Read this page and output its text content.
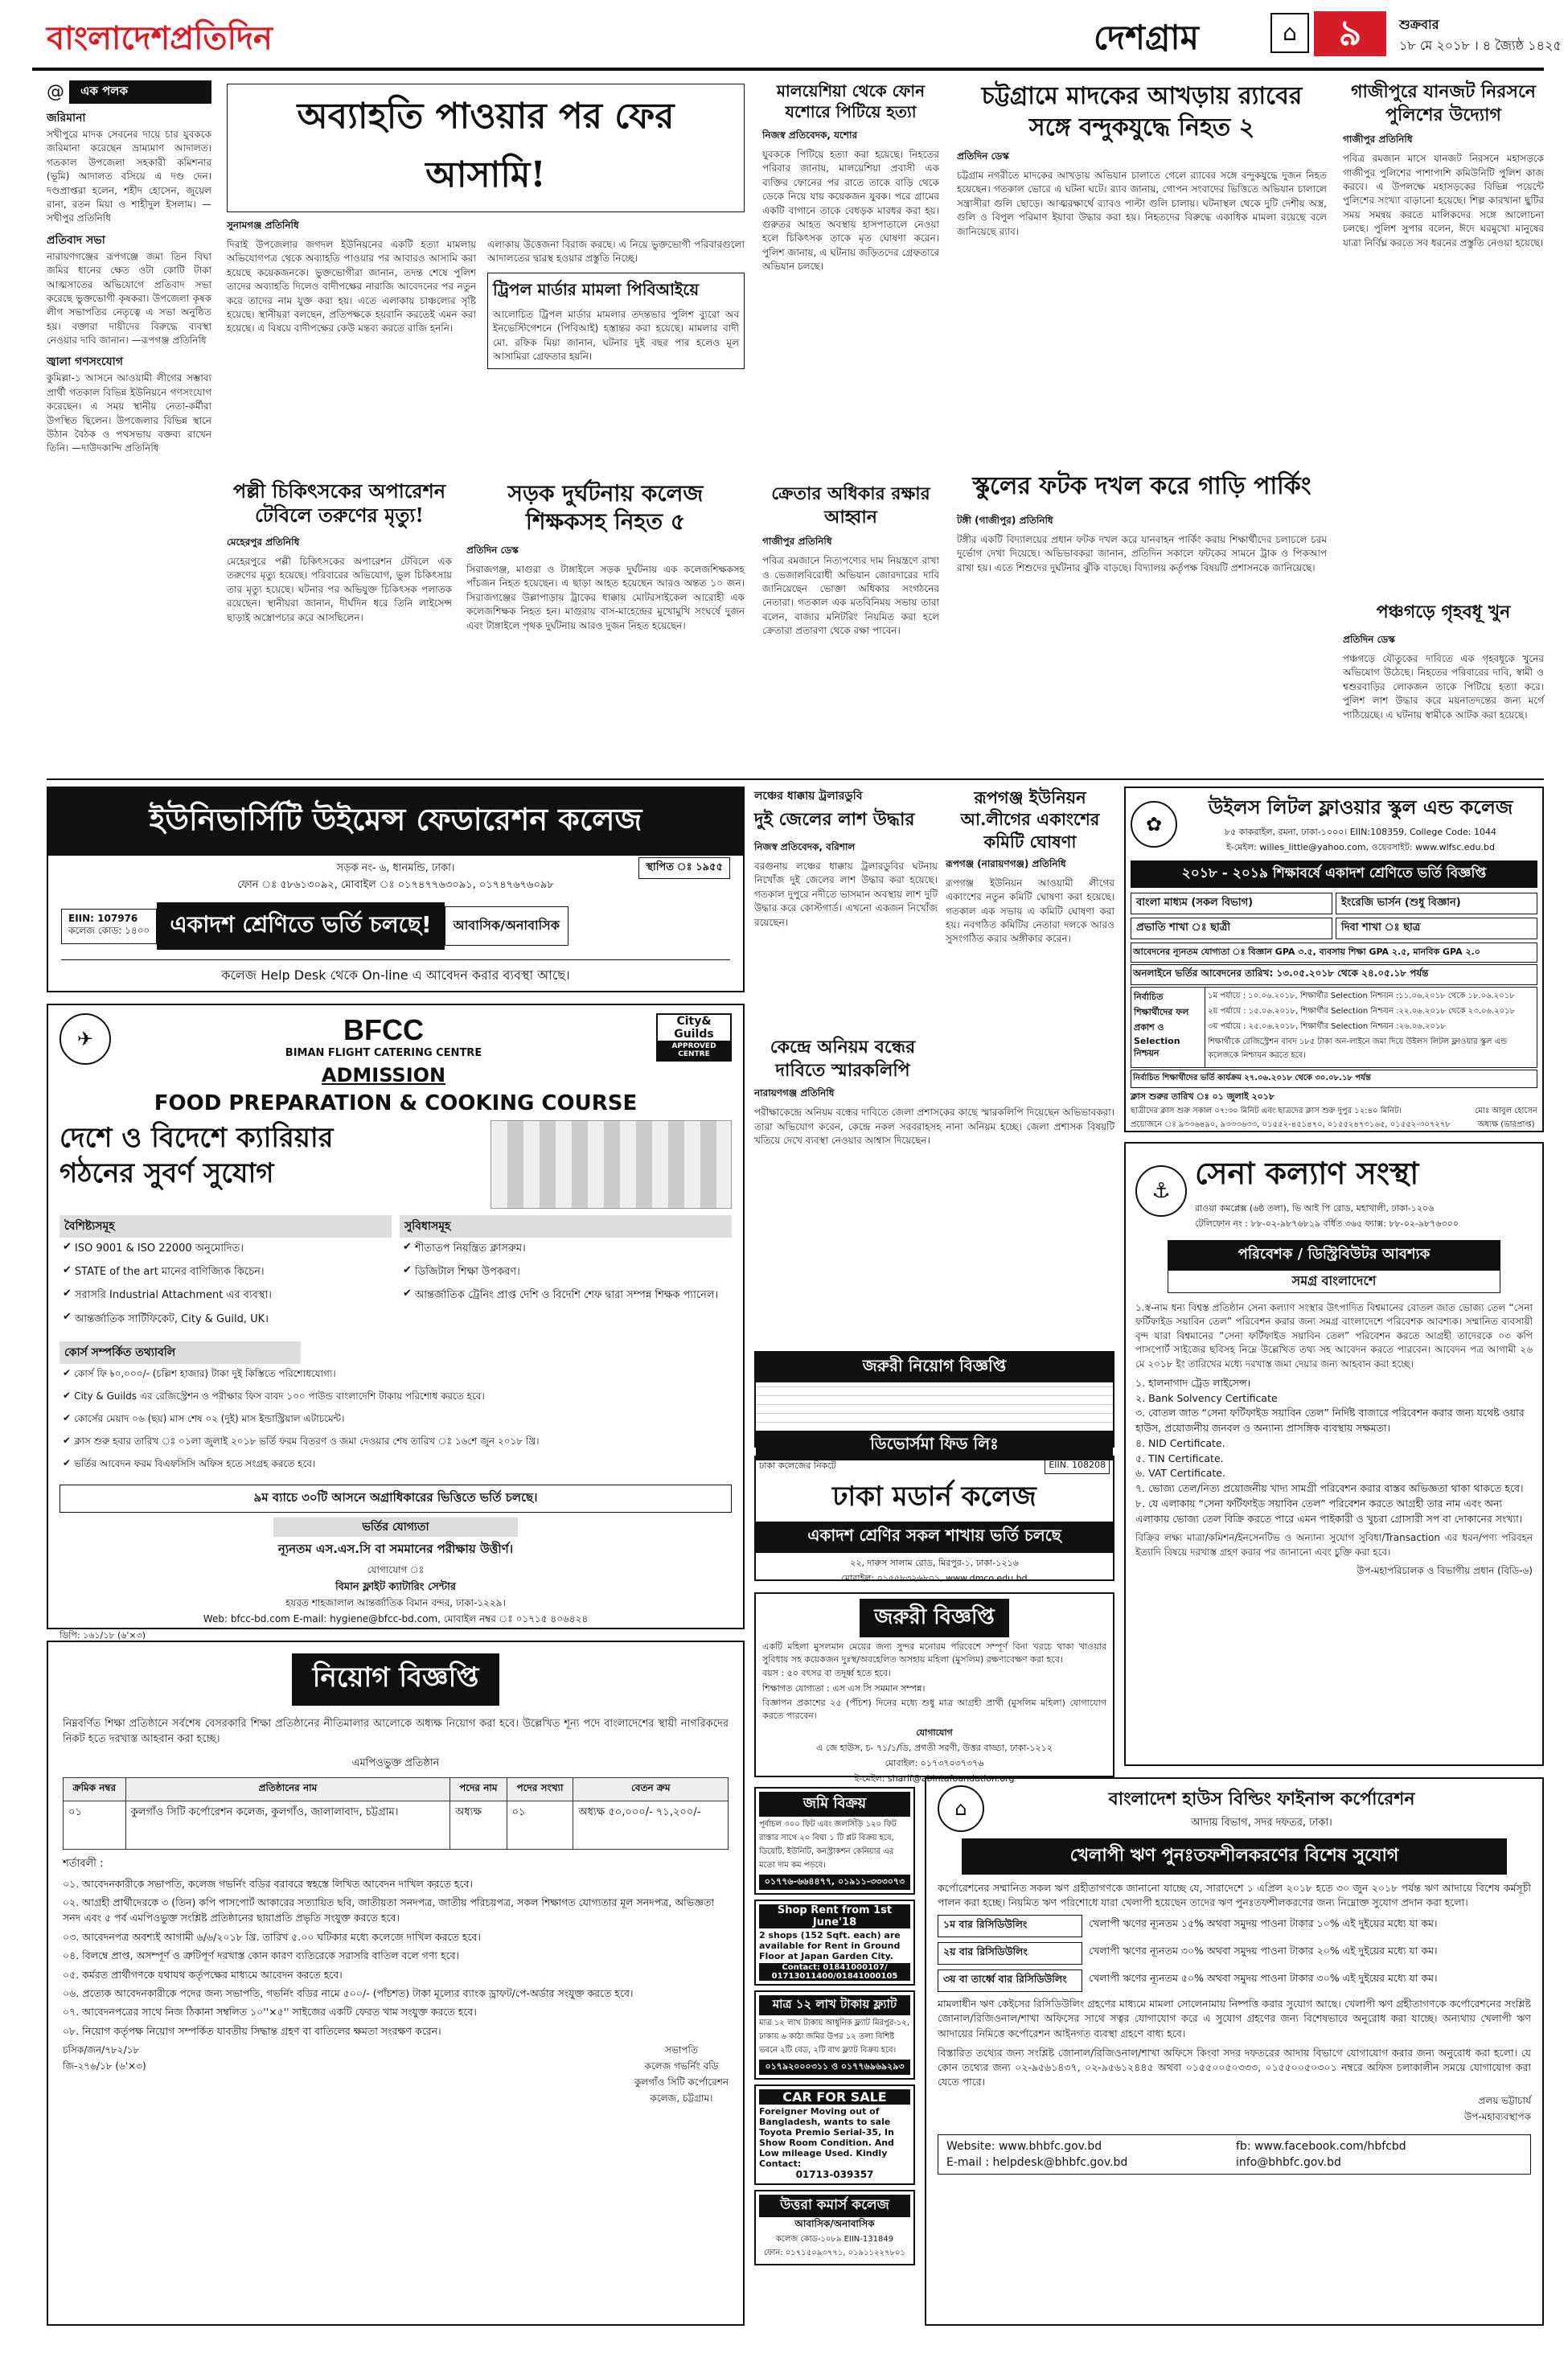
বাংলাদেশপ্রতিদিন	দেশগ্রাম	⌂	৯	শুক্রবার
১৮ মে ২০১৮ । ৪ জ্যৈষ্ঠ ১৪২৫
@	এক পলক
জরিমানা
সখীপুরে মাদক সেবনের দায়ে চার যুবককে জরিমানা করেছেন ভ্রাম্যমাণ আদালত। গতকাল উপজেলা সহকারী কমিশনার (ভূমি) আদালত বসিয়ে এ দণ্ড দেন। দণ্ডপ্রাপ্তরা হলেন, শহীদ হোসেন, জুয়েল রানা, রতন মিয়া ও শাহীদুল ইসলাম। —সখীপুর প্রতিনিধি
প্রতিবাদ সভা
নারায়ণগঞ্জের রূপগঞ্জে জমা তিন বিঘা জমির ধানের ক্ষেত ওটা কোটি টাকা আত্মসাতের অভিযোগে প্রতিবাদ সভা করেছে ভুক্তভোগী কৃষকরা। উপজেলা কৃষক লীগ সভাপতির নেতৃত্বে এ সভা অনুষ্ঠিত হয়। বক্তারা দায়ীদের বিরুদ্ধে ব্যবস্থা নেওয়ার দাবি জানান। —রূপগঞ্জ প্রতিনিধি
জ্বালা গণসংযোগ
কুমিল্লা-১ আসনে আওয়ামী লীগের সম্ভাব্য প্রার্থী গতকাল বিভিন্ন ইউনিয়নে গণসংযোগ করেছেন। এ সময় স্থানীয় নেতা-কর্মীরা উপস্থিত ছিলেন। উপজেলার বিভিন্ন স্থানে উঠান বৈঠক ও পথসভায় বক্তব্য রাখেন তিনি। —দাউদকান্দি প্রতিনিধি
অব্যাহতি পাওয়ার পর ফের আসামি!
সুনামগঞ্জ প্রতিনিধি
দিরাই উপজেলার জগদল ইউনিয়নের একটি হত্যা মামলায় অভিযোগপত্র থেকে অব্যাহতি পাওয়ার পর আবারও আসামি করা হয়েছে কয়েকজনকে। ভুক্তভোগীরা জানান, তদন্ত শেষে পুলিশ তাদের অব্যাহতি দিলেও বাদীপক্ষের নারাজি আবেদনের পর নতুন করে তাদের নাম যুক্ত করা হয়। এতে এলাকায় চাঞ্চল্যের সৃষ্টি হয়েছে। স্থানীয়রা বলছেন, প্রতিপক্ষকে হয়রানি করতেই এমন করা হয়েছে। এ বিষয়ে বাদীপক্ষের কেউ মন্তব্য করতে রাজি হননি।
এলাকায় উত্তেজনা বিরাজ করছে। এ নিয়ে ভুক্তভোগী পরিবারগুলো আদালতের দ্বারস্থ হওয়ার প্রস্তুতি নিচ্ছে।
ট্রিপল মার্ডার মামলা পিবিআইয়ে
আলোচিত ট্রিপল মার্ডার মামলার তদন্তভার পুলিশ ব্যুরো অব ইনভেস্টিগেশনে (পিবিআই) হস্তান্তর করা হয়েছে। মামলার বাদী মো. রফিক মিয়া জানান, ঘটনার দুই বছর পার হলেও মূল আসামিরা গ্রেফতার হয়নি।
পল্লী চিকিৎসকের অপারেশন টেবিলে তরুণের মৃত্যু!
মেহেরপুর প্রতিনিধি
মেহেরপুরে পল্লী চিকিৎসকের অপারেশন টেবিলে এক তরুণের মৃত্যু হয়েছে। পরিবারের অভিযোগ, ভুল চিকিৎসায় তার মৃত্যু হয়েছে। ঘটনার পর অভিযুক্ত চিকিৎসক পলাতক রয়েছেন। স্থানীয়রা জানান, দীর্ঘদিন ধরে তিনি লাইসেন্স ছাড়াই অস্ত্রোপচার করে আসছিলেন।
সড়ক দুর্ঘটনায় কলেজ শিক্ষকসহ নিহত ৫
প্রতিদিন ডেস্ক
সিরাজগঞ্জ, মাগুরা ও টাঙ্গাইলে সড়ক দুর্ঘটনায় এক কলেজশিক্ষকসহ পাঁচজন নিহত হয়েছেন। এ ছাড়া আহত হয়েছেন আরও অন্তত ১০ জন। সিরাজগঞ্জের উল্লাপাড়ায় ট্রাকের ধাক্কায় মোটরসাইকেল আরোহী এক কলেজশিক্ষক নিহত হন। মাগুরায় বাস-মাহেন্দ্রের মুখোমুখি সংঘর্ষে দুজন এবং টাঙ্গাইলে পৃথক দুর্ঘটনায় আরও দুজন নিহত হয়েছেন।
মালয়েশিয়া থেকে ফোন যশোরে পিটিয়ে হত্যা
নিজস্ব প্রতিবেদক, যশোর
যুবককে পিটিয়ে হত্যা করা হয়েছে। নিহতের পরিবার জানায়, মালয়েশিয়া প্রবাসী এক ব্যক্তির ফোনের পর রাতে তাকে বাড়ি থেকে ডেকে নিয়ে যায় কয়েকজন যুবক। পরে গ্রামের একটি বাগানে তাকে বেধড়ক মারধর করা হয়। গুরুতর আহত অবস্থায় হাসপাতালে নেওয়া হলে চিকিৎসক তাকে মৃত ঘোষণা করেন। পুলিশ জানায়, এ ঘটনায় জড়িতদের গ্রেফতারে অভিযান চলছে।
ক্রেতার অধিকার রক্ষার আহ্বান
গাজীপুর প্রতিনিধি
পবিত্র রমজানে নিত্যপণ্যের দাম নিয়ন্ত্রণে রাখা ও ভেজালবিরোধী অভিযান জোরদারের দাবি জানিয়েছেন ভোক্তা অধিকার সংগঠনের নেতারা। গতকাল এক মতবিনিময় সভায় তারা বলেন, বাজার মনিটরিং নিয়মিত করা হলে ক্রেতারা প্রতারণা থেকে রক্ষা পাবেন।
চট্টগ্রামে মাদকের আখড়ায় র‌্যাবের সঙ্গে বন্দুকযুদ্ধে নিহত ২
প্রতিদিন ডেস্ক
চট্টগ্রাম নগরীতে মাদকের আখড়ায় অভিযান চালাতে গেলে র‌্যাবের সঙ্গে বন্দুকযুদ্ধে দুজন নিহত হয়েছেন। গতকাল ভোরে এ ঘটনা ঘটে। র‌্যাব জানায়, গোপন সংবাদের ভিত্তিতে অভিযান চালালে সন্ত্রাসীরা গুলি ছোড়ে। আত্মরক্ষার্থে র‌্যাবও পাল্টা গুলি চালায়। ঘটনাস্থল থেকে দুটি দেশীয় অস্ত্র, গুলি ও বিপুল পরিমাণ ইয়াবা উদ্ধার করা হয়। নিহতদের বিরুদ্ধে একাধিক মামলা রয়েছে বলে জানিয়েছে র‌্যাব।
স্কুলের ফটক দখল করে গাড়ি পার্কিং
টঙ্গী (গাজীপুর) প্রতিনিধি
টঙ্গীর একটি বিদ্যালয়ের প্রধান ফটক দখল করে যানবাহন পার্কিং করায় শিক্ষার্থীদের চলাচলে চরম দুর্ভোগ দেখা দিয়েছে। অভিভাবকরা জানান, প্রতিদিন সকালে ফটকের সামনে ট্রাক ও পিকআপ রাখা হয়। এতে শিশুদের দুর্ঘটনার ঝুঁকি বাড়ছে। বিদ্যালয় কর্তৃপক্ষ বিষয়টি প্রশাসনকে জানিয়েছে।
গাজীপুরে যানজট নিরসনে পুলিশের উদ্যোগ
গাজীপুর প্রতিনিধি
পবিত্র রমজান মাসে যানজট নিরসনে মহাসড়কে গাজীপুর পুলিশের পাশাপাশি কমিউনিটি পুলিশ কাজ করবে। এ উপলক্ষে মহাসড়কের বিভিন্ন পয়েন্টে পুলিশের সংখ্যা বাড়ানো হয়েছে। শিল্প কারখানা ছুটির সময় সমন্বয় করতে মালিকদের সঙ্গে আলোচনা চলছে। পুলিশ সুপার বলেন, ঈদে ঘরমুখো মানুষের যাত্রা নির্বিঘ্ন করতে সব ধরনের প্রস্তুতি নেওয়া হয়েছে।
পঞ্চগড়ে গৃহবধূ খুন
প্রতিদিন ডেস্ক
পঞ্চগড়ে যৌতুকের দাবিতে এক গৃহবধূকে খুনের অভিযোগ উঠেছে। নিহতের পরিবারের দাবি, স্বামী ও শ্বশুরবাড়ির লোকজন তাকে পিটিয়ে হত্যা করে। পুলিশ লাশ উদ্ধার করে ময়নাতদন্তের জন্য মর্গে পাঠিয়েছে। এ ঘটনায় স্বামীকে আটক করা হয়েছে।
ইউনিভার্সিটি উইমেন্স ফেডারেশন কলেজ
সড়ক নং- ৬, ধানমন্ডি, ঢাকা।
ফোন ঃ ৫৮৬১৩০৯২, মোবাইল ঃ ০১৭৪৭৭৬৩০৯১, ০১৭৪৭৬৭৬০৯৮
স্থাপিত ঃ ১৯৫৫
EIIN: 107976
কলেজ কোড: ১৪০০ একাদশ শ্রেণিতে ভর্তি চলছে!	আবাসিক/অনাবাসিক
কলেজ Help Desk থেকে On-line এ আবেদন করার ব্যবস্থা আছে।
✈	BFCC
BIMAN FLIGHT CATERING CENTRE
ADMISSION
City&
Guilds
APPROVED CENTRE
FOOD PREPARATION & COOKING COURSE
দেশে ও বিদেশে ক্যারিয়ার
গঠনের সুবর্ণ সুযোগ
বৈশিষ্ট্যসমূহ
✔ ISO 9001 & ISO 22000 অনুমোদিত।
✔ STATE of the art মানের বাণিজ্যিক কিচেন।
✔ সরাসরি Industrial Attachment এর ব্যবস্থা।
✔ আন্তর্জাতিক সার্টিফিকেট, City & Guild, UK।
সুবিধাসমূহ
✔ শীতাতপ নিয়ন্ত্রিত ক্লাসরুম।
✔ ডিজিটাল শিক্ষা উপকরণ।
✔ আন্তর্জাতিক ট্রেনিং প্রাপ্ত দেশি ও বিদেশি শেফ দ্বারা সম্পন্ন শিক্ষক প্যানেল।
কোর্স সম্পর্কিত তথ্যাবলি
✔ কোর্স ফি ৳০,০০০/- (চল্লিশ হাজার) টাকা দুই কিস্তিতে পরিশোধযোগ্য।
✔ City & Guilds এর রেজিস্ট্রেশন ও পরীক্ষার ফিস বাবদ ১০০ পাউন্ড বাংলাদেশি টাকায় পরিশোধ করতে হবে।
✔ কোর্সের মেয়াদ ০৬ (ছয়) মাস শেষ ০২ (দুই) মাস ইন্ডাস্ট্রিয়াল এটাচমেন্ট।
✔ ক্লাস শুরু হবার তারিখ ঃ ০১লা জুলাই ২০১৮ ভর্তি ফরম বিতরণ ও জমা দেওয়ার শেষ তারিখ ঃ ১৬শে জুন ২০১৮ খ্রি।
✔ ভর্তির আবেদন ফরম বিএফসিসি অফিস হতে সংগ্রহ করতে হবে।
৯ম ব্যাচে ৩০টি আসনে অগ্রাধিকারের ভিত্তিতে ভর্তি চলছে।
ভর্তির যোগ্যতা
ন্যূনতম এস.এস.সি বা সমমানের পরীক্ষায় উত্তীর্ণ।
যোগাযোগ ঃ
বিমান ফ্লাইট ক্যাটারিং সেন্টার
হযরত শাহজালাল আন্তর্জাতিক বিমান বন্দর, ঢাকা-১২২৯।
Web: bfcc-bd.com E-mail: hygiene@bfcc-bd.com, মোবাইল নম্বর ঃ ০১৭১৫ ৪০৬৪২৪
ডিপি: ১৬১/১৮ (৬'×৩)
নিয়োগ বিজ্ঞপ্তি
নিম্নবর্ণিত শিক্ষা প্রতিষ্ঠানে সর্বশেষ বেসরকারি শিক্ষা প্রতিষ্ঠানের নীতিমালার আলোকে অধ্যক্ষ নিয়োগ করা হবে। উল্লেখিত শূন্য পদে বাংলাদেশের স্থায়ী নাগরিকদের নিকট হতে দরখাস্ত আহবান করা হচ্ছে।
এমপিওভুক্ত প্রতিষ্ঠান
ক্রমিক নম্বর	প্রতিষ্ঠানের নাম	পদের নাম	পদের সংখ্যা	বেতন ক্রম
০১	কুলগাঁও সিটি কর্পোরেশন কলেজ, কুলগাঁও, জালালাবাদ, চট্টগ্রাম।	অধ্যক্ষ	০১	অধ্যক্ষ ৫০,০০০/- ৭১,২০০/-
শর্তাবলী :
০১. আবেদনকারীকে সভাপতি, কলেজ গভর্নিং বডির বরাবরে স্বহস্তে লিখিত আবেদন দাখিল করতে হবে।
০২. আগ্রহী প্রার্থীদেরকে ৩ (তিন) কপি পাসপোর্ট আকারের সত্যায়িত ছবি, জাতীয়তা সনদপত্র, জাতীয় পরিচয়পত্র, সকল শিক্ষাগত যোগ্যতার মূল সনদপত্র, অভিজ্ঞতা সনদ এবং ৫ পর্ব এমপিওভুক্ত সংশ্লিষ্ট প্রতিষ্ঠানের ছায়াপ্রতি প্রভৃতি সংযুক্ত করতে হবে।
০৩. আবেদনপত্র অবশ্যই আগামী ৬/৬/২০১৮ খ্রি. তারিখ ৫.০০ ঘটিকার মধ্যে কলেজে দাখিল করতে হবে।
০৪. বিলম্বে প্রাপ্ত, অসম্পূর্ণ ও ত্রুটিপূর্ণ দরখাস্ত কোন কারণ ব্যতিরেকে সরাসরি বাতিল বলে গণ্য হবে।
০৫. কর্মরত প্রার্থীগণকে যথাযথ কর্তৃপক্ষের মাধ্যমে আবেদন করতে হবে।
০৬. প্রত্যেক আবেদনকারীকে পদের জন্য সভাপতি, গভর্নিং বডির নামে ৫০০/- (পাঁচশত) টাকা মূল্যের ব্যাংক ড্রাফট/পে-অর্ডার সংযুক্ত করতে হবে।
০৭. আবেদনপত্রের সাথে নিজ ঠিকানা সম্বলিত ১০''×৫'' সাইজের একটি ফেরত খাম সংযুক্ত করতে হবে।
০৮. নিয়োগ কর্তৃপক্ষ নিয়োগ সম্পর্কিত যাবতীয় সিদ্ধান্ত গ্রহণ বা বাতিলের ক্ষমতা সংরক্ষণ করেন।
চসিক/জন/৭৮২/১৮
জি-২৭৬/১৮ (৬'×৩)
সভাপতি
কলেজ গভর্নিং বডি
কুলগাঁও সিটি কর্পোরেশন
কলেজ, চট্টগ্রাম।
লঞ্চের ধাক্কায় ট্রলারডুবি
দুই জেলের লাশ উদ্ধার
নিজস্ব প্রতিবেদক, বরিশাল
বরগুনায় লঞ্চের ধাক্কায় ট্রলারডুবির ঘটনায় নিখোঁজ দুই জেলের লাশ উদ্ধার করা হয়েছে। গতকাল দুপুরে নদীতে ভাসমান অবস্থায় লাশ দুটি উদ্ধার করে কোস্টগার্ড। এখনো একজন নিখোঁজ রয়েছেন।
রূপগঞ্জ ইউনিয়ন আ.লীগের একাংশের কমিটি ঘোষণা
রূপগঞ্জ (নারায়ণগঞ্জ) প্রতিনিধি
রূপগঞ্জ ইউনিয়ন আওয়ামী লীগের একাংশের নতুন কমিটি ঘোষণা করা হয়েছে। গতকাল এক সভায় এ কমিটি ঘোষণা করা হয়। নবগঠিত কমিটির নেতারা দলকে আরও সুসংগঠিত করার অঙ্গীকার করেন।
কেন্দ্রে অনিয়ম বন্ধের দাবিতে স্মারকলিপি
নারায়ণগঞ্জ প্রতিনিধি
পরীক্ষাকেন্দ্রে অনিয়ম বন্ধের দাবিতে জেলা প্রশাসকের কাছে স্মারকলিপি দিয়েছেন অভিভাবকরা। তারা অভিযোগ করেন, কেন্দ্রে নকল সরবরাহসহ নানা অনিয়ম হচ্ছে। জেলা প্রশাসক বিষয়টি খতিয়ে দেখে ব্যবস্থা নেওয়ার আশ্বাস দিয়েছেন।
জরুরী নিয়োগ বিজ্ঞপ্তি
ডিভোর্সমা ফিড লিঃ
ঢাকা কলেজের নিকটে	EIIN. 108208
ঢাকা মডার্ন কলেজ
একাদশ শ্রেণির সকল শাখায় ভর্তি চলছে
২২, দারুস সালাম রোড, মিরপুর-১, ঢাকা-১২১৬
মোবাইল: ০১৫৫৮৩২৬৮০১, www.dmco.edu.bd
জরুরী বিজ্ঞপ্তি
একটি মহিলা মুসলমান মেয়ের জন্য সুন্দর মনোরম পরিবেশে সম্পূর্ণ বিনা খরচে থাকা খাওয়ার সুবিধায় সহ কয়েকজন দুঃস্থ/অবহেলিত অসহায় মহিলা (মুসলিম) রক্ষণাবেক্ষণ করা হবে।
বয়স : ৫০ বৎসর বা তদূর্ধ্ব হতে হবে।
শিক্ষাগত যোগ্যতা : এস এস সি সমমান সম্পন্ন।
বিজ্ঞাপন প্রকাশের ২৫ (পঁচিশ) দিনের মধ্যে শুধু মাত্র আগ্রহী প্রার্থী (মুসলিম মহিলা) যোগাযোগ করতে পারবেন।
যোগাযোগ
এ জে হাউস, চ- ৭১/১/ডি, প্রগতী সরণী, উত্তর বাড্ডা, ঢাকা-১২১২
মোবাইল: ০১৭৩৭০৩৭৩৭৬
ই-মেইল: sharif@abintafoundation.org
জমি বিক্রয়
পূর্বাচল ৩০০ ফিট এবং জলসিঁড়ি ১২০ ফিট রাস্তার সাথে ২০ বিঘা ১ টি প্লট বিক্রয় হবে, ডিয়েটি, ইউনিটি, কনস্ট্রাকশন কেনিয়ার এর মতো দাম কম পড়বে।
০১৭৭৬-৬৬৪৪৭৭, ০১৯১১-৩৩৩০৭৩
Shop Rent from 1st June'18
2 shops (152 Sqft. each) are available for Rent in Ground Floor at Japan Garden City.
Contact: 01841000107/ 01713011400/01841000105
মাত্র ১২ লাখ টাকায় ফ্ল্যাট
মাত্র ১২ লাখ টাকায় আধুনিক ফ্ল্যাট মিরপুর-১২, ঢাকায় ৬ কাঠা জমির উপর ১২ তলা বিশিষ্ট ভবনে ২টি বেড, ২টি বাথ ফ্ল্যাট বিক্রয় হবে।
০১৭৯২০০০৩১১ ও ০১৭৭৬৯৬৯২৯৩
CAR FOR SALE
Foreigner Moving out of Bangladesh, wants to sale Toyota Premio Serial-35, In Show Room Condition. And Low mileage Used. Kindly Contact:
01713-039357
উত্তরা কমার্স কলেজ
আবাসিক/অনাবাসিক
কলেজ কোড-১০৮৯ EIIN-131849
ফোন: ০১৭১৫০৯৩৭৭১, ০১৯১১২২৭৮০১
✿
উইলস লিটল ফ্লাওয়ার স্কুল এন্ড কলেজ
৮৫ কাকরাইল, রমনা, ঢাকা-১০০০। EIIN:108359, College Code: 1044
ই-মেইল: willes_little@yahoo.com, ওয়েবসাইট: www.wlfsc.edu.bd
২০১৮ - ২০১৯ শিক্ষাবর্ষে একাদশ শ্রেণিতে ভর্তি বিজ্ঞপ্তি
বাংলা মাধ্যম (সকল বিভাগ)	ইংরেজি ভার্সন (শুধু বিজ্ঞান)
প্রভাতি শাখা ঃ ছাত্রী	দিবা শাখা ঃ ছাত্র
আবেদনের ন্যূনতম যোগ্যতা ঃ বিজ্ঞান GPA ৩.৫, ব্যবসায় শিক্ষা GPA ২.৫, মানবিক GPA ২.০
অনলাইনে ভর্তির আবেদনের তারিখ: ১৩.০৫.২০১৮ থেকে ২৪.০৫.১৮ পর্যন্ত
নির্বাচিত শিক্ষার্থীদের ফল প্রকাশ ও Selection নিশ্চয়ন
১ম পর্যায়ে : ১০.০৬.২০১৮, শিক্ষার্থীর Selection নিশ্চয়ন :১১.০৬.২০১৮ থেকে ১৮.০৬.২০১৮
২য় পর্যায়ে : ১৫.০৬.২০১৮, শিক্ষার্থীর Selection নিশ্চয়ন :২২.০৬.২০১৮ থেকে ২৩.০৬.২০১৮
৩য় পর্যায়ে : ২৫.০৬.২০১৮, শিক্ষার্থীর Selection নিশ্চয়ন :২৬.০৬.২০১৮
শিক্ষার্থীকে রেজিস্ট্রেশন বাবদ ১৮৫ টাকা অন-লাইনে জমা দিয়ে উইলস লিটল ফ্লাওয়ার স্কুল এন্ড কলেজকে নিশ্চায়ন করতে হবে।
নির্বাচিত শিক্ষার্থীদের ভর্তি কার্যক্রম ২৭.০৬.২০১৮ থেকে ৩০.০৮.১৮ পর্যন্ত
ক্লাস শুরুর তারিখ ঃ ০১ জুলাই ২০১৮
ছাত্রীদের ক্লাস শুরু সকাল ০৭:৩০ মিনিট এবং ছাত্রদের ক্লাস শুরু দুপুর ১২:৪০ মিনিট।
প্রয়োজনে ঃ ৯৩৩৬৪৯০, ৯৩৩৩৬৩৩, ০১৫৫২-৪৫১৪৭০, ০১৫৫২৪৭৩১৬৫, ০১৫৫২-৩০৭২৭৮
মোঃ আবুল হোসেন
অধ্যক্ষ (ভারপ্রাপ্ত)
⚓ সেনা কল্যাণ সংস্থা
রাওয়া কমপ্লেক্স (৬ষ্ঠ তলা), ভি আই পি রোড, মহাখালী, ঢাকা-১২০৬
টেলিফোন নং : ৮৮-০২-৯৮৭৬৮১৯ বর্ধিত ৩৬৫ ফ্যাক্স: ৮৮-০২-৯৮৭৬৩০০
পরিবেশক / ডিস্ট্রিবিউটর আবশ্যক
সমগ্র বাংলাদেশে
১.স্ব-নাম ধন্য বিশ্বস্ত প্রতিষ্ঠান সেনা কল্যাণ সংস্থার উৎপাদিত বিশ্বমানের বোতল জাত ভোজ্য তেল “সেনা ফর্টিফাইড সয়াবিন তেল” পরিবেশন করার জন্য সমগ্র বাংলাদেশে পরিবেশক আবশ্যক। সম্মানিত ব্যবসায়ী বৃন্দ যারা বিশ্বমানের “সেনা ফর্টিফাইড সয়াবিন তেল” পরিবেশন করতে আগ্রহী তাদেরকে ০৩ কপি পাসপোর্ট সাইজের ছবিসহ নিম্নে উল্লেখিত তথ্য সহ আবেদন করতে পারবেন। আবেদন পত্র আগামী ২৬ মে ২০১৮ ইং তারিখের মধ্যে দরখাস্ত জমা দেয়ার জন্য আহবান করা হচ্ছে।
১. হালনাগাদ ট্রেড লাইসেন্স।
২. Bank Solvency Certificate
৩. বোতল জাত “সেনা ফর্টিফাইড সয়াবিন তেল” নির্দিষ্ট বাজারে পরিবেশন করার জন্য যথেষ্ট ওয়ার হাউস, প্রয়োজনীয় জনবল ও অন্যান্য প্রাসঙ্গিক ব্যবস্থায় সক্ষমতা।
৪. NID Certificate.
৫. TIN Certificate.
৬. VAT Certificate.
৭. ভোজ্য তেল/নিত্য প্রয়োজনীয় খাদ্য সামগ্রী পরিবেশন করার বাস্তব অভিজ্ঞতা থাকা থাকতে হবে।
৮. যে এলাকায় “সেনা ফর্টিফাইড সয়াবিন তেল” পরিবেশন করতে আগ্রহী তার নাম এবং অন্য এলাকায় ভোজ্য তেল বিক্রি করতে পারে এমন পাইকারী ও খুচরা গ্রোসারী সপ বা দোকানের সংখ্যা।
বিক্রির লক্ষ্য মাত্রা/কমিশন/ইনসেনটিভ ও অন্যান্য সুযোগ সুবিধা/Transaction এর ধরন/পণ্য পরিবহন ইত্যাদি বিষয়ে দরখাস্ত গ্রহণ করার পর জানানো এবং চুক্তি করা হবে।
উপ-মহাপরিচালক ও বিভাগীয় প্রধান (বিডি-৬)
⌂	বাংলাদেশ হাউস বিল্ডিং ফাইনান্স কর্পোরেশন
আদায় বিভাগ, সদর দফতর, ঢাকা।
খেলাপী ঋণ পুনঃতফশীলকরণের বিশেষ সুযোগ
কর্পোরেশনের সম্মানিত সকল ঋণ গ্রহীতাগণকে জানানো যাচ্ছে যে, সারাদেশে ১ এপ্রিল ২০১৮ হতে ৩০ জুন ২০১৮ পর্যন্ত ঋণ আদায়ে বিশেষ কর্মসূচী পালন করা হচ্ছে। নিয়মিত ঋণ পরিশোধে যারা খেলাপী হয়েছেন তাদের ঋণ পুনঃতফশীলকরণের জন্য নিম্নোক্ত সুযোগ প্রদান করা হলো।
১ম বার রিসিডিউলিং	খেলাপী ঋণের ন্যূনতম ১৫% অথবা সমুদয় পাওনা টাকার ১০% এই দুইয়ের মধ্যে যা কম।
২য় বার রিসিডিউলিং	খেলাপী ঋণের ন্যূনতম ৩০% অথবা সমুদয় পাওনা টাকার ২০% এই দুইয়ের মধ্যে যা কম।
৩য় বা তার্ধ্বে বার রিসিডিউলিং	খেলাপী ঋণের ন্যূনতম ৫০% অথবা সমুদয় পাওনা টাকার ৩০% এই দুইয়ের মধ্যে যা কম।
মামলাধীন ঋণ কেইসের রিসিডিউলিং গ্রহণের মাধ্যমে মামলা সোলেনামায় নিষ্পত্তি করার সুযোগ আছে। খেলাপী ঋণ গ্রহীতাগণকে কর্পোরেশনের সংশ্লিষ্ট জোনাল/রিজিওনাল/শাখা অফিসের সাথে সত্বর যোগাযোগ করে এ সুযোগ গ্রহণের জন্য বিশেষভাবে অনুরোধ করা যাচ্ছে। অন্যথায় খেলাপী ঋণ আদায়ের নিমিত্তে কর্পোরেশন আইনগত ব্যবস্থা গ্রহণে বাধ্য হবে।
বিস্তারিত তথ্যের জন্য সংশ্লিষ্ট জোনাল/রিজিওনাল/শাখা অফিসে কিংবা সদর দফতরের আদায় বিভাগে যোগাযোগ করার জন্য অনুরোধ করা হলো। যে কোন তথ্যের জন্য ০২-৯৫৬১৪৩৭, ০২-৯৫৬১২৪৪৫ অথবা ০১৫৫০০৫০৩৩৩, ০১৫৫০০৫০৩০১ নম্বরে অফিস চলাকালীন সময়ে যোগাযোগ করা যেতে পারে।
প্রলয় ভট্টাচার্য
উপ-মহাব্যবস্থাপক
Website: www.bhbfc.gov.bd	fb: www.facebook.com/hbfcbd
E-mail : helpdesk@bhbfc.gov.bd	info@bhbfc.gov.bd
